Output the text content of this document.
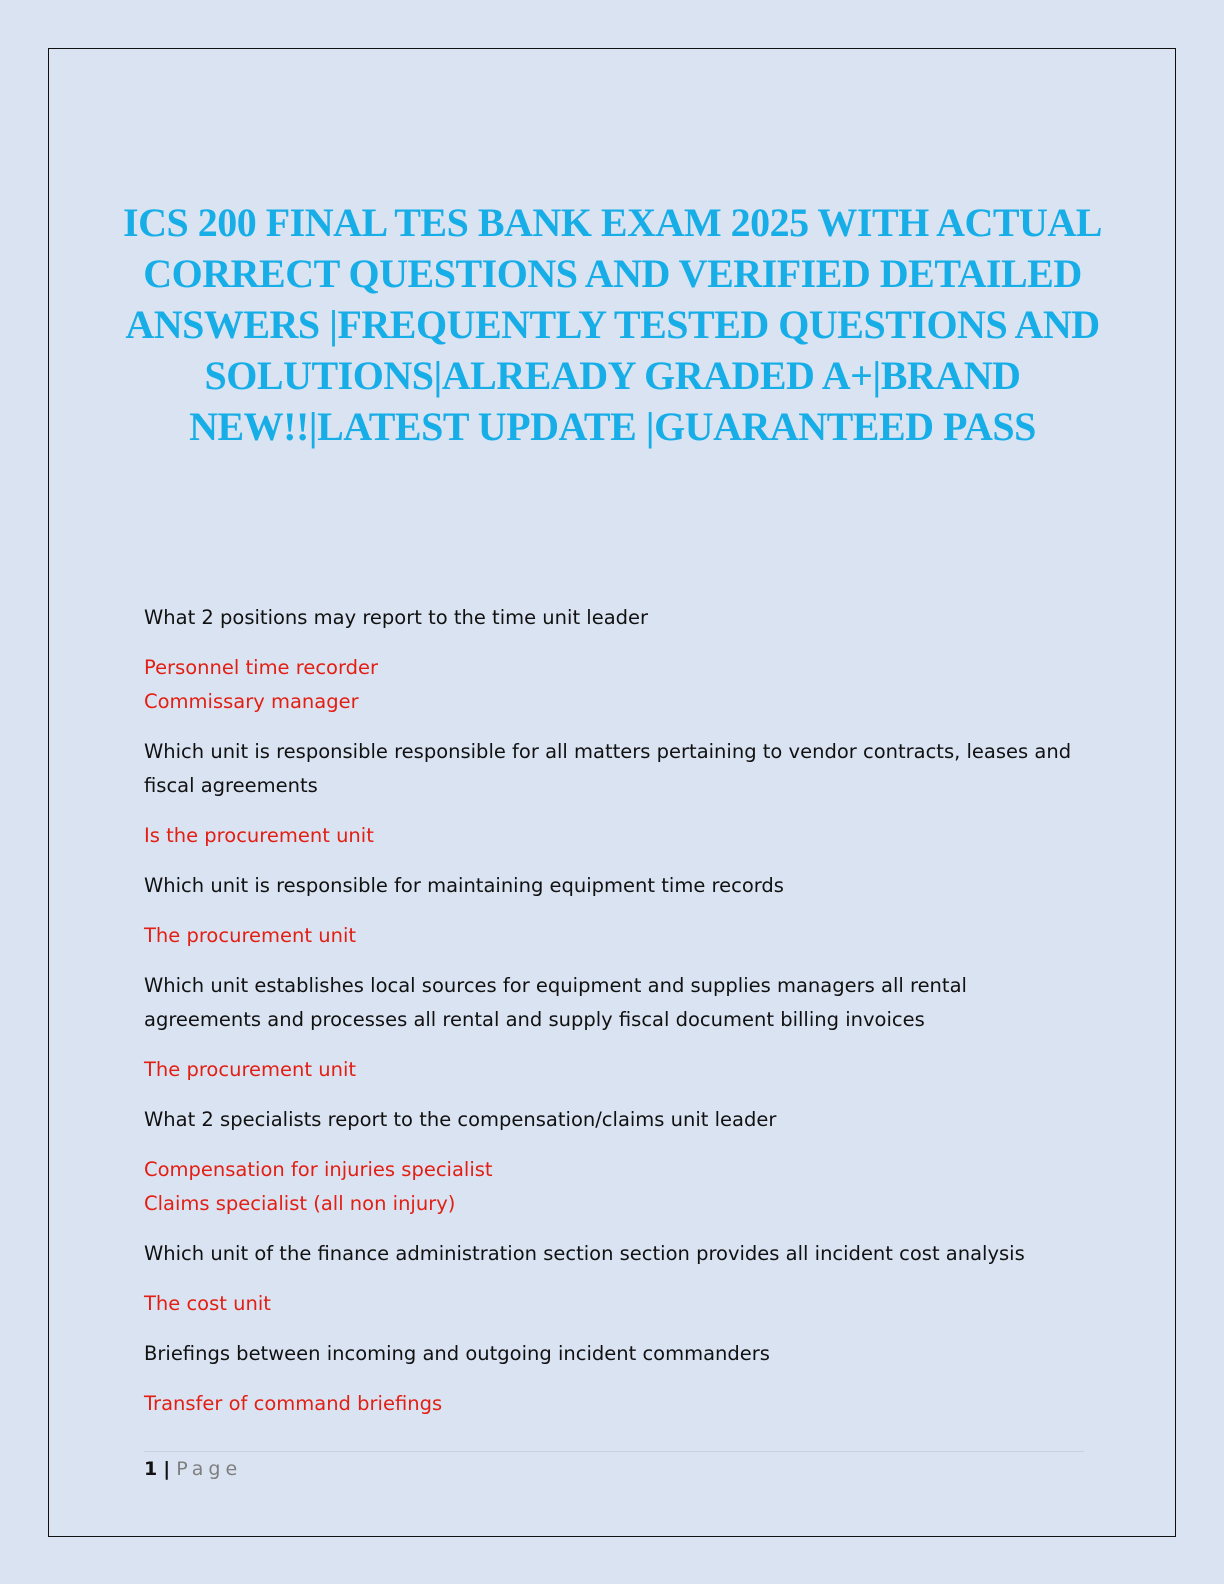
ICS 200 FINAL TES BANK EXAM 2025 WITH ACTUAL CORRECT QUESTIONS AND VERIFIED DETAILED ANSWERS |FREQUENTLY TESTED QUESTIONS AND SOLUTIONS|ALREADY GRADED A+|BRAND NEW!!|LATEST UPDATE |GUARANTEED PASS

What 2 positions may report to the time unit leader

Personnel time recorder
Commissary manager

Which unit is responsible responsible for all matters pertaining to vendor contracts, leases and fiscal agreements

Is the procurement unit

Which unit is responsible for maintaining equipment time records

The procurement unit

Which unit establishes local sources for equipment and supplies managers all rental agreements and processes all rental and supply fiscal document billing invoices

The procurement unit

What 2 specialists report to the compensation/claims unit leader

Compensation for injuries specialist
Claims specialist (all non injury)

Which unit of the finance administration section section provides all incident cost analysis

The cost unit

Briefings between incoming and outgoing incident commanders

Transfer of command briefings

1 | Page
